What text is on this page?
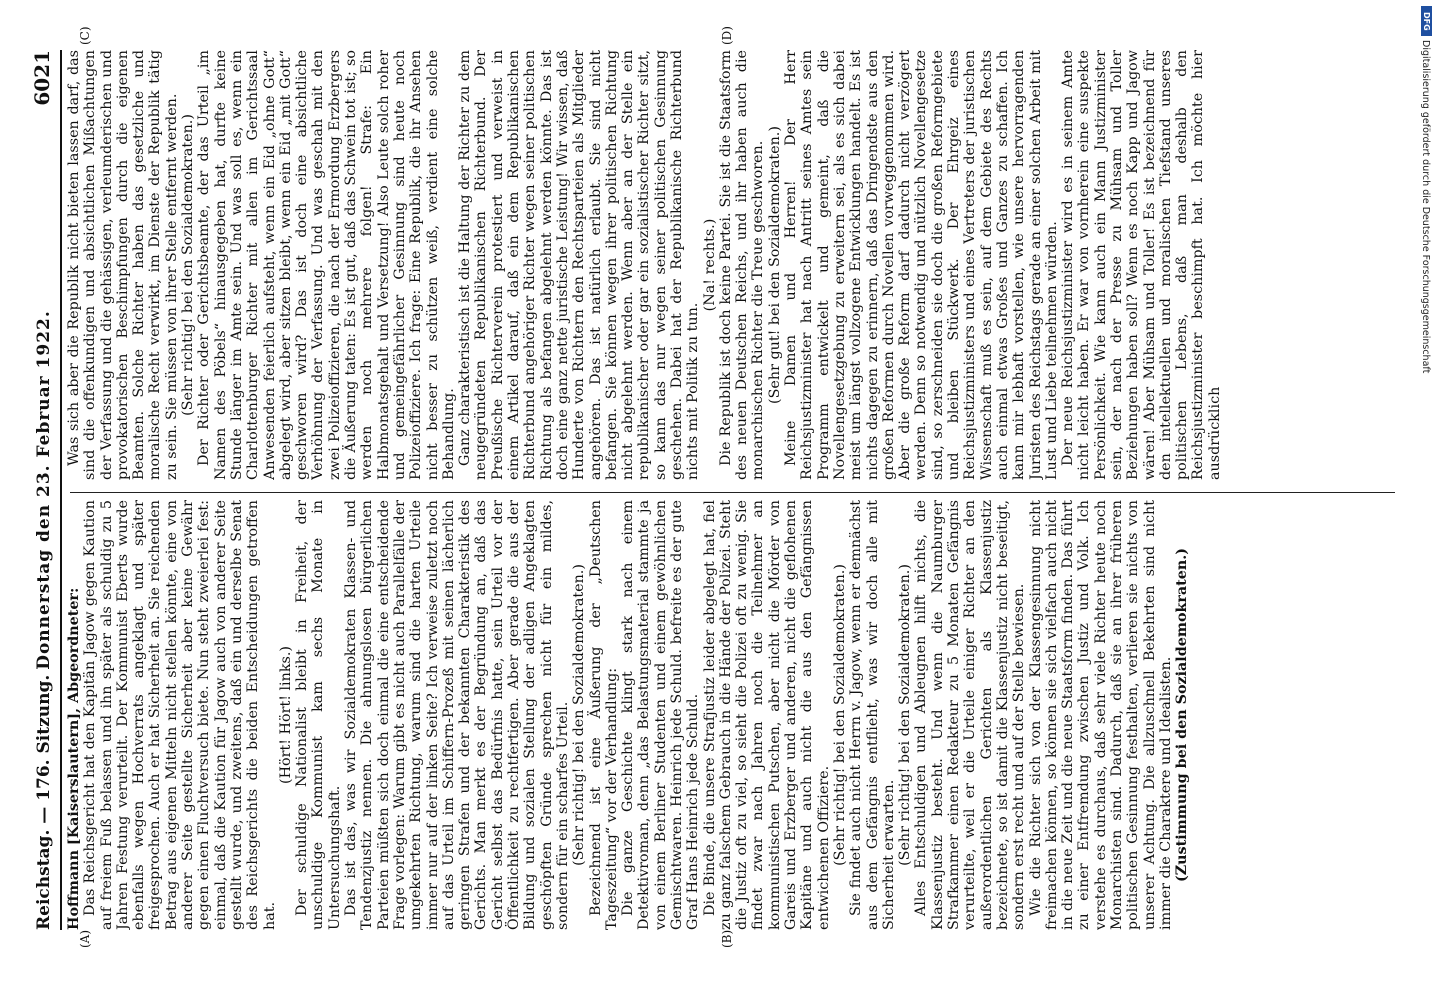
Reichstag. — 176. Sitzung.
Donnerstag den 23. Februar 1922.
6021
(A)	(B)
(C)	(D)

Hoffmann [Kaiserslautern], Abgeordneter: Das Reichsgericht hat den Kapitän Jagow gegen Kaution auf freiem Fuß belassen und ihn später als schuldig zu 5 Jahren Festung verurteilt. Der Kommunist Eberts wurde ebenfalls wegen Hochverrats angeklagt und später freigesprochen. Auch er hat Sicherheit an. Sie reichenden Betrag aus eigenen Mitteln nicht stellen könnte, eine von anderer Seite gestellte Sicherheit aber keine Gewähr gegen einen Fluchtversuch biete. Nun steht zweierlei fest: einmal, daß die Kaution für Jagow auch von anderer Seite gestellt wurde, und zweitens, daß ein und derselbe Senat des Reichsgerichts die beiden Entscheidungen getroffen hat.

(Hört! Hört! links.) Der schuldige Nationalist bleibt in Freiheit, der unschuldige Kommunist kam sechs Monate in Untersuchungshaft. Das ist das, was wir Sozialdemokraten Klassen- und Tendenzjustiz nennen. Die ahnungslosen bürgerlichen Parteien müßten sich doch einmal die eine entscheidende Frage vorlegen: Warum gibt es nicht auch Parallelfälle der umgekehrten Richtung, warum sind die harten Urteile immer nur auf der linken Seite? Ich verweise zuletzt noch auf das Urteil im Schiffern-Prozeß mit seinen lächerlich geringen Strafen und der bekannten Charakteristik des Gerichts. Man merkt es der Begründung an, daß das Gericht selbst das Bedürfnis hatte, sein Urteil vor der Öffentlichkeit zu rechtfertigen. Aber gerade die aus der Bildung und sozialen Stellung der adligen Angeklagten geschöpften Gründe sprechen nicht für ein mildes, sondern für ein scharfes Urteil. (Sehr richtig! bei den Sozialdemokraten.) Bezeichnend ist eine Äußerung der „Deutschen Tageszeitung“ vor der Verhandlung: Die ganze Geschichte klingt stark nach einem Detektivroman, denn „das Belastungsmaterial stammte ja von einem Berliner Studenten und einem gewöhnlichen Gemischtwaren. Heinrich jede Schuld. befreite es der gute Graf Hans Heinrich jede Schuld. Die Binde, die unsere Strafjustiz leider abgelegt hat, fiel zu ganz falschem Gebrauch in die Hände der Polizei. Steht die Justiz oft zu viel, so sieht die Polizei oft zu wenig. Sie findet zwar nach Jahren noch die Teilnehmer an kommunistischen Putschen, aber nicht die Mörder von Gareis und Erzberger und anderen, nicht die geflohenen Kapitäne und auch nicht die aus den Gefängnissen entwichenen Offiziere. (Sehr richtig! bei den Sozialdemokraten.) Sie findet auch nicht Herrn v. Jagow, wenn er demnächst aus dem Gefängnis entflieht, was wir doch alle mit Sicherheit erwarten. (Sehr richtig! bei den Sozialdemokraten.) Alles Entschuldigen und Ableugnen hilft nichts, die Klassenjustiz besteht. Und wenn die Naumburger Strafkammer einen Redakteur zu 5 Monaten Gefängnis verurteilte, weil er die Urteile einiger Richter an den außerordentlichen Gerichten als Klassenjustiz bezeichnete, so ist damit die Klassenjustiz nicht beseitigt, sondern erst recht und auf der Stelle bewiesen. Wie die Richter sich von der Klassengesinnung nicht freimachen können, so können sie sich vielfach auch nicht in die neue Zeit und die neue Staatsform finden. Das führt zu einer Entfremdung zwischen Justiz und Volk. Ich verstehe es durchaus, daß sehr viele Richter heute noch Monarchisten sind. Dadurch, daß sie an ihrer früheren politischen Gesinnung festhalten, verlieren sie nichts von unserer Achtung. Die allzuschnell Bekehrten sind nicht immer die Charaktere und Idealisten. (Zustimmung bei den Sozialdemokraten.)

Was sich aber die Republik nicht bieten lassen darf, das sind die offenkundigen und absichtlichen Mißachtungen der Verfassung und die gehässigen, verleumderischen und provokatorischen Beschimpfungen durch die eigenen Beamten. Solche Richter haben das gesetzliche und moralische Recht verwirkt, im Dienste der Republik tätig zu sein. Sie müssen von ihrer Stelle entfernt werden. (Sehr richtig! bei den Sozialdemokraten.) Der Richter oder Gerichtsbeamte, der das Urteil „im Namen des Pöbels“ hinausgegeben hat, durfte keine Stunde länger im Amte sein. Und was soll es, wenn ein Charlottenburger Richter mit allen im Gerichtssaal Anwesenden feierlich aufsteht, wenn ein Eid „ohne Gott“ abgelegt wird, aber sitzen bleibt, wenn ein Eid „mit Gott“ geschworen wird? Das ist doch eine absichtliche Verhöhnung der Verfassung. Und was geschah mit den zwei Polizeioffizieren, die nach der Ermordung Erzbergers die Äußerung taten: Es ist gut, daß das Schwein tot ist; so werden noch mehrere folgen! Strafe: Ein Halbmonatsgehalt und Versetzung! Also Leute solch roher und gemeingefährlicher Gesinnung sind heute noch Polizeioffiziere. Ich frage: Eine Republik, die ihr Ansehen nicht besser zu schützen weiß, verdient eine solche Behandlung. Ganz charakteristisch ist die Haltung der Richter zu dem neugegründeten Republikanischen Richterbund. Der Preußische Richterverein protestiert und verweist in einem Artikel darauf, daß ein dem Republikanischen Richterbund angehöriger Richter wegen seiner politischen Richtung als befangen abgelehnt werden könnte. Das ist doch eine ganz nette juristische Leistung! Wir wissen, daß Hunderte von Richtern den Rechtsparteien als Mitglieder angehören. Das ist natürlich erlaubt. Sie sind nicht befangen. Sie können wegen ihrer politischen Richtung nicht abgelehnt werden. Wenn aber an der Stelle ein republikanischer oder gar ein sozialistischer Richter sitzt, so kann das nur wegen seiner politischen Gesinnung geschehen. Dabei hat der Republikanische Richterbund nichts mit Politik zu tun.

(Na! rechts.) Die Republik ist doch keine Partei. Sie ist die Staatsform des neuen Deutschen Reichs, und ihr haben auch die monarchischen Richter die Treue geschworen. (Sehr gut! bei den Sozialdemokraten.) Meine Damen und Herren! Der Herr Reichsjustizminister hat nach Antritt seines Amtes sein Programm entwickelt und gemeint, daß die Novellengesetzgebung zu erweitern sei, als es sich dabei meist um längst vollzogene Entwicklungen handelt. Es ist nichts dagegen zu erinnern, daß das Dringendste aus den großen Reformen durch Novellen vorweggenommen wird. Aber die große Reform darf dadurch nicht verzögert werden. Denn so notwendig und nützlich Novellengesetze sind, so zerschneiden sie doch die großen Reformgebiete und bleiben Stückwerk. Der Ehrgeiz eines Reichsjustizministers und eines Vertreters der juristischen Wissenschaft muß es sein, auf dem Gebiete des Rechts auch einmal etwas Großes und Ganzes zu schaffen. Ich kann mir lebhaft vorstellen, wie unsere hervorragenden Juristen des Reichstags gerade an einer solchen Arbeit mit Lust und Liebe teilnehmen würden. Der neue Reichsjustizminister wird es in seinem Amte nicht leicht haben. Er war von vornherein eine suspekte Persönlichkeit. Wie kann auch ein Mann Justizminister sein, der nach der Presse zu Mühsam und Toller Beziehungen haben soll? Wenn es noch Kapp und Jagow wären! Aber Mühsam und Toller! Es ist bezeichnend für den intellektuellen und moralischen Tiefstand unseres politischen Lebens, daß man deshalb den Reichsjustizminister beschimpft hat. Ich möchte hier ausdrücklich

DFG
Digitalisierung gefördert durch die Deutsche Forschungsgemeinschaft
